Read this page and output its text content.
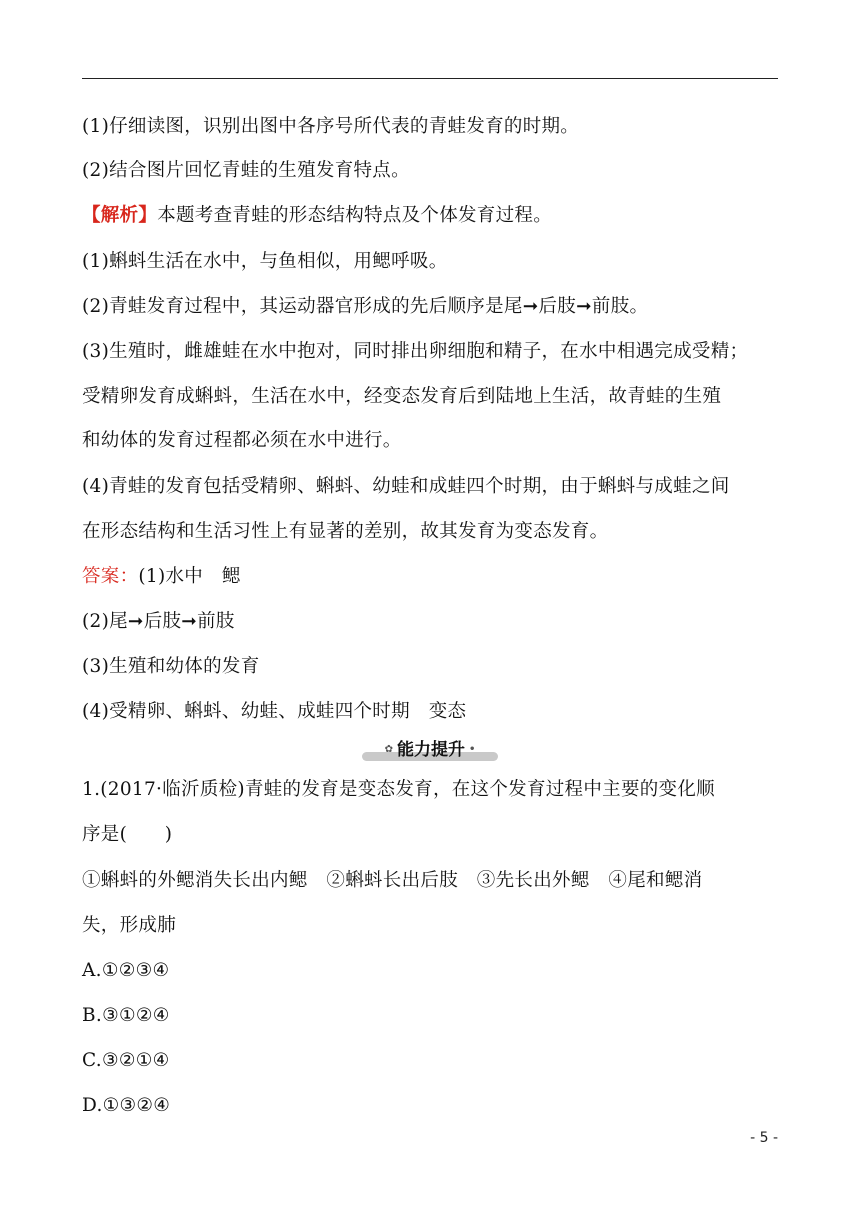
(1)仔细读图，识别出图中各序号所代表的青蛙发育的时期。
(2)结合图片回忆青蛙的生殖发育特点。
【解析】本题考查青蛙的形态结构特点及个体发育过程。
(1)蝌蚪生活在水中，与鱼相似，用鳃呼吸。
(2)青蛙发育过程中，其运动器官形成的先后顺序是尾➞后肢➞前肢。
(3)生殖时，雌雄蛙在水中抱对，同时排出卵细胞和精子，在水中相遇完成受精；
受精卵发育成蝌蚪，生活在水中，经变态发育后到陆地上生活，故青蛙的生殖
和幼体的发育过程都必须在水中进行。
(4)青蛙的发育包括受精卵、蝌蚪、幼蛙和成蛙四个时期，由于蝌蚪与成蛙之间
在形态结构和生活习性上有显著的差别，故其发育为变态发育。
答案：(1)水中　鳃
(2)尾➞后肢➞前肢
(3)生殖和幼体的发育
(4)受精卵、蝌蚪、幼蛙、成蛙四个时期　变态
✿ 能力提升 •
1.(2017·临沂质检)青蛙的发育是变态发育，在这个发育过程中主要的变化顺
序是(　　)
①蝌蚪的外鳃消失长出内鳃　②蝌蚪长出后肢　③先长出外鳃　④尾和鳃消
失，形成肺
A.①②③④
B.③①②④
C.③②①④
D.①③②④
- 5 -
